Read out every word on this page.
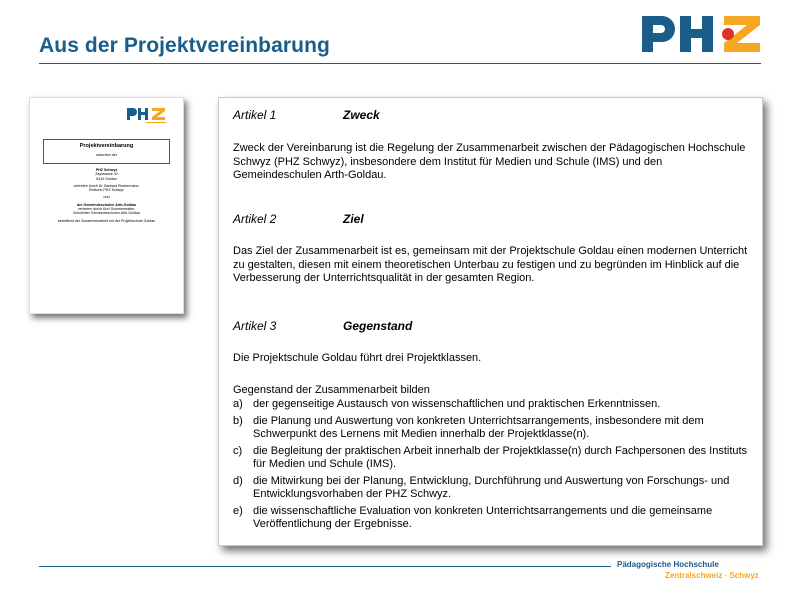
Aus der Projektvereinbarung
Projektvereinbarung
zwischen der
PHZ Schwyz
Zaystrasse 42
6410 Goldau
vertreten durch Dr. Barbara Reckermann,
Rektorin PHZ Schwyz
und
der Gemeindeschulen Arth-Goldau
vertreten durch Kurt Summermatter,
Schulleiter Gemeindeschulen Arth-Goldau
betreffend der Zusammenarbeit mit der Projektschule Goldau
Artikel 1	Zweck
Zweck der Vereinbarung ist die Regelung der Zusammenarbeit zwischen der Pädagogischen Hochschule Schwyz (PHZ Schwyz), insbesondere dem Institut für Medien und Schule (IMS) und den Gemeindeschulen Arth-Goldau.
Artikel 2	Ziel
Das Ziel der Zusammenarbeit ist es, gemeinsam mit der Projektschule Goldau einen modernen Unterricht zu gestalten, diesen mit einem theoretischen Unterbau zu festigen und zu begründen im Hinblick auf die Verbesserung der Unterrichtsqualität in der gesamten Region.
Artikel 3	Gegenstand
Die Projektschule Goldau führt drei Projektklassen.
Gegenstand der Zusammenarbeit bilden
a) der gegenseitige Austausch von wissenschaftlichen und praktischen Erkenntnissen.
b) die Planung und Auswertung von konkreten Unterrichtsarrangements, insbesondere mit dem Schwerpunkt des Lernens mit Medien innerhalb der Projektklasse(n).
c) die Begleitung der praktischen Arbeit innerhalb der Projektklasse(n) durch Fachpersonen des Instituts für Medien und Schule (IMS).
d) die Mitwirkung bei der Planung, Entwicklung, Durchführung und Auswertung von Forschungs- und Entwicklungsvorhaben der PHZ Schwyz.
e) die wissenschaftliche Evaluation von konkreten Unterrichtsarrangements und die gemeinsame Veröffentlichung der Ergebnisse.
Pädagogische Hochschule
Zentralschweiz · Schwyz
